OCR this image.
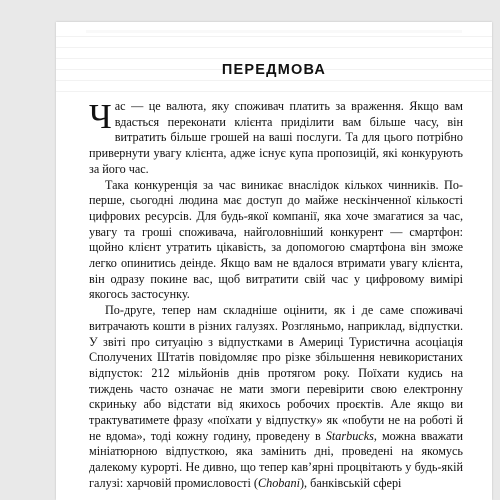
ПЕРЕДМОВА

Час — це валюта, яку споживач платить за враження. Якщо вам вдасться переконати клієнта приділити вам більше часу, він витратить більше грошей на ваші послуги. Та для цього потрібно привернути увагу клієнта, адже існує купа пропозицій, які конкурують за його час.

Така конкуренція за час виникає внаслідок кількох чинників. По-перше, сьогодні людина має доступ до майже нескінченної кількості цифрових ресурсів. Для будь-якої компанії, яка хоче змагатися за час, увагу та гроші споживача, найголовніший конкурент — смартфон: щойно клієнт утратить цікавість, за допомогою смартфона він зможе легко опинитись деінде. Якщо вам не вдалося втримати увагу клієнта, він одразу покине вас, щоб витратити свій час у цифровому вимірі якогось застосунку.

По-друге, тепер нам складніше оцінити, як і де саме споживачі витрачають кошти в різних галузях. Розгляньмо, наприклад, відпустки. У звіті про ситуацію з відпустками в Америці Туристична асоціація Сполучених Штатів повідомляє про різке збільшення невикористаних відпусток: 212 мільйонів днів протягом року. Поїхати кудись на тиждень часто означає не мати змоги перевірити свою електронну скриньку або відстати від якихось робочих проєктів. Але якщо ви трактуватимете фразу «поїхати у відпустку» як «побути не на роботі й не вдома», тоді кожну годину, проведену в Starbucks, можна вважати мініатюрною відпусткою, яка замінить дні, проведені на якомусь далекому курорті. Не дивно, що тепер кав’ярні процвітають у будь-якій галузі: харчовій промисловості (Chobani), банківській сфері
